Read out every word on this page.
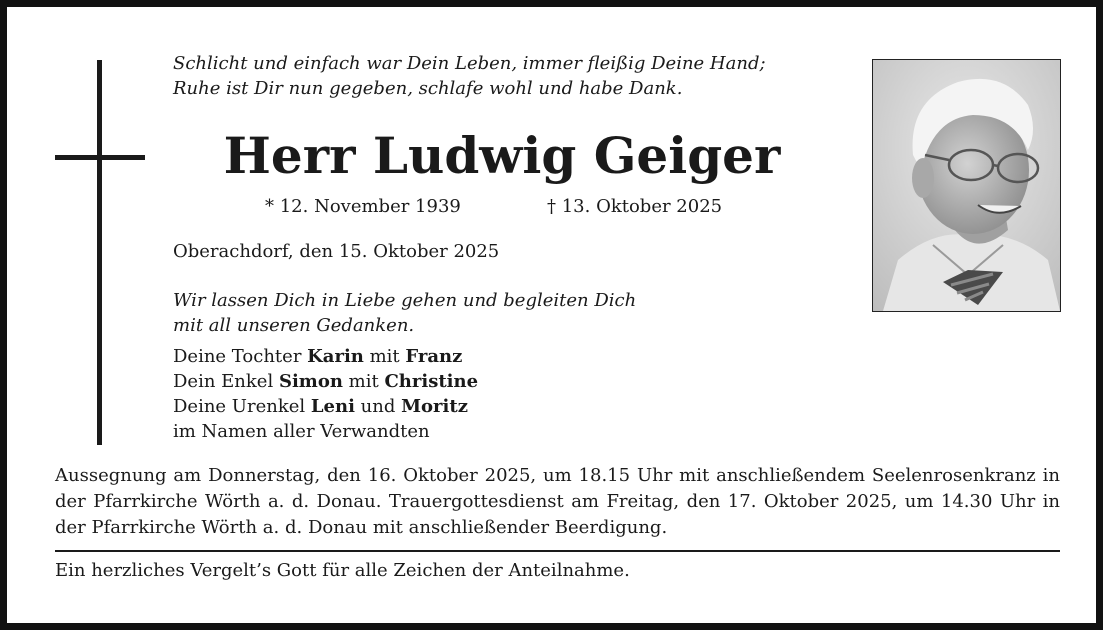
Schlicht und einfach war Dein Leben, immer fleißig Deine Hand;
Ruhe ist Dir nun gegeben, schlafe wohl und habe Dank.
Herr Ludwig Geiger
* 12. November 1939	† 13. Oktober 2025
Oberachdorf, den 15. Oktober 2025
Wir lassen Dich in Liebe gehen und begleiten Dich
mit all unseren Gedanken.
Deine Tochter Karin mit Franz
Dein Enkel Simon mit Christine
Deine Urenkel Leni und Moritz
im Namen aller Verwandten
Aussegnung am Donnerstag, den 16. Oktober 2025, um 18.15 Uhr mit anschließendem Seelenrosenkranz in der Pfarrkirche Wörth a. d. Donau. Trauergottesdienst am Freitag, den 17. Oktober 2025, um 14.30 Uhr in der Pfarrkirche Wörth a. d. Donau mit anschließender Beerdigung.
Ein herzliches Vergelt’s Gott für alle Zeichen der Anteilnahme.
